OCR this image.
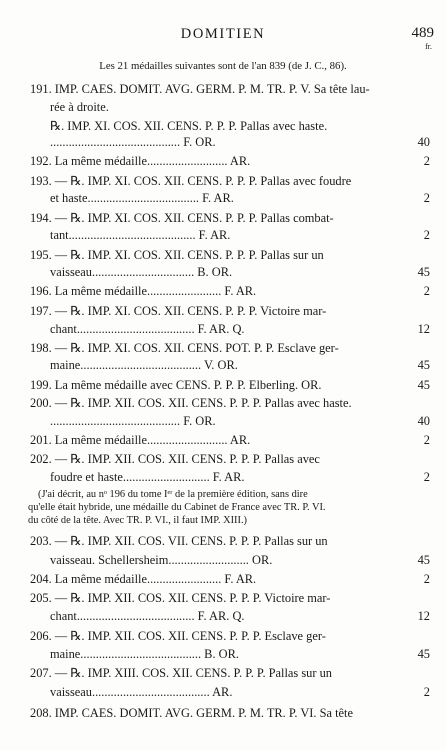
DOMITIEN	489
fr.
Les 21 médailles suivantes sont de l'an 839 (de J. C., 86).
191. IMP. CAES. DOMIT. AVG. GERM. P. M. TR. P. V. Sa tête lau-
rée à droite.
℞. IMP. XI. COS. XII. CENS. P. P. P. Pallas avec haste.
.......................................... F. OR.	40
192. La même médaille.......................... AR.	2
193. — ℞. IMP. XI. COS. XII. CENS. P. P. P. Pallas avec foudre
et haste.................................... F. AR.	2
194. — ℞. IMP. XI. COS. XII. CENS. P. P. P. Pallas combat-
tant......................................... F. AR.	2
195. — ℞. IMP. XI. COS. XII. CENS. P. P. P. Pallas sur un
vaisseau................................. B. OR.	45
196. La même médaille........................ F. AR.	2
197. — ℞. IMP. XI. COS. XII. CENS. P. P. P. Victoire mar-
chant...................................... F. AR. Q.	12
198. — ℞. IMP. XI. COS. XII. CENS. POT. P. P. Esclave ger-
maine....................................... V. OR.	45
199. La même médaille avec CENS. P. P. P. Elberling. OR.	45
200. — ℞. IMP. XII. COS. XII. CENS. P. P. P. Pallas avec haste.
.......................................... F. OR.	40
201. La même médaille.......................... AR.	2
202. — ℞. IMP. XII. COS. XII. CENS. P. P. P. Pallas avec
foudre et haste............................ F. AR.	2
(J'ai décrit, au nᵒ 196 du tome Iᵉʳ de la première édition, sans dire
qu'elle était hybride, une médaille du Cabinet de France avec TR. P. VI.
du côté de la tête. Avec TR. P. VI., il faut IMP. XIII.)
203. — ℞. IMP. XII. COS. VII. CENS. P. P. P. Pallas sur un
vaisseau. Schellersheim.......................... OR.	45
204. La même médaille........................ F. AR.	2
205. — ℞. IMP. XII. COS. XII. CENS. P. P. P. Victoire mar-
chant...................................... F. AR. Q.	12
206. — ℞. IMP. XII. COS. XII. CENS. P. P. P. Esclave ger-
maine....................................... B. OR.	45
207. — ℞. IMP. XIII. COS. XII. CENS. P. P. P. Pallas sur un
vaisseau...................................... AR.	2
208. IMP. CAES. DOMIT. AVG. GERM. P. M. TR. P. VI. Sa tête
